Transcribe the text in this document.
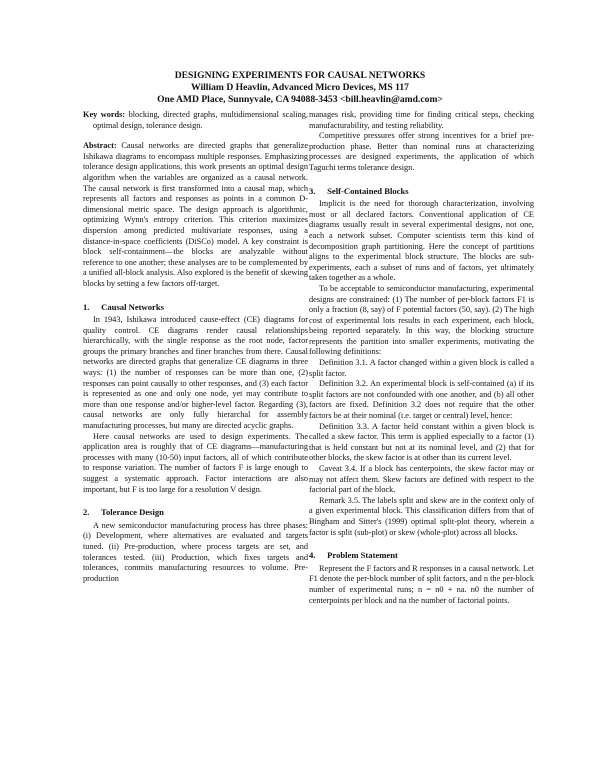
DESIGNING EXPERIMENTS FOR CAUSAL NETWORKS
William D Heavlin, Advanced Micro Devices, MS 117
One AMD Place, Sunnyvale, CA 94088-3453 <bill.heavlin@amd.com>

Key words: blocking, directed graphs, multidimensional scaling, optimal design, tolerance design.

Abstract: Causal networks are directed graphs that generalize Ishikawa diagrams to encompass multiple responses. Emphasizing tolerance design applications, this work presents an optimal design algorithm when the variables are organized as a causal network. The causal network is first transformed into a causal map, which represents all factors and responses as points in a common D-dimensional metric space. The design approach is algorithmic, optimizing Wynn's entropy criterion. This criterion maximizes dispersion among predicted multivariate responses, using a distance-in-space coefficients (DiSCo) model. A key constraint is block self-containment—the blocks are analyzable without reference to one another; these analyses are to be complemented by a unified all-block analysis. Also explored is the benefit of skewing blocks by setting a few factors off-target.

1. Causal Networks

In 1943, Ishikawa introduced cause-effect (CE) diagrams for quality control. CE diagrams render causal relationships hierarchically, with the single response as the root node, factor groups the primary branches and finer branches from there. Causal networks are directed graphs that generalize CE diagrams in three ways: (1) the number of responses can be more than one, (2) responses can point causally to other responses, and (3) each factor is represented as one and only one node, yet may contribute to more than one response and/or higher-level factor. Regarding (3), causal networks are only fully hierarchal for assembly manufacturing processes, but many are directed acyclic graphs.

Here causal networks are used to design experiments. The application area is roughly that of CE diagrams—manufacturing processes with many (10-50) input factors, all of which contribute to response variation. The number of factors F is large enough to suggest a systematic approach. Factor interactions are also important, but F is too large for a resolution V design.

2. Tolerance Design

A new semiconductor manufacturing process has three phases: (i) Development, where alternatives are evaluated and targets tuned. (ii) Pre-production, where process targets are set, and tolerances tested. (iii) Production, which fixes targets and tolerances, commits manufacturing resources to volume. Pre-production

manages risk, providing time for finding critical steps, checking manufacturability, and testing reliability.

Competitive pressures offer strong incentives for a brief pre-production phase. Better than nominal runs at characterizing processes are designed experiments, the application of which Taguchi terms tolerance design.

3. Self-Contained Blocks

Implicit is the need for thorough characterization, involving most or all declared factors. Conventional application of CE diagrams usually result in several experimental designs, not one, each a network subset. Computer scientists term this kind of decomposition graph partitioning. Here the concept of partitions aligns to the experimental block structure. The blocks are sub-experiments, each a subset of runs and of factors, yet ultimately taken together as a whole.

To be acceptable to semiconductor manufacturing, experimental designs are constrained: (1) The number of per-block factors F1 is only a fraction (8, say) of F potential factors (50, say). (2) The high cost of experimental lots results in each experiment, each block, being reported separately. In this way, the blocking structure represents the partition into smaller experiments, motivating the following definitions:

Definition 3.1. A factor changed within a given block is called a split factor.

Definition 3.2. An experimental block is self-contained (a) if its split factors are not confounded with one another, and (b) all other factors are fixed. Definition 3.2 does not require that the other factors be at their nominal (i.e. target or central) level, hence:

Definition 3.3. A factor held constant within a given block is called a skew factor. This term is applied especially to a factor (1) that is held constant but not at its nominal level, and (2) that for other blocks, the skew factor is at other than its current level.

Caveat 3.4. If a block has centerpoints, the skew factor may or may not affect them. Skew factors are defined with respect to the factorial part of the block.

Remark 3.5. The labels split and skew are in the context only of a given experimental block. This classification differs from that of Bingham and Sitter's (1999) optimal split-plot theory, wherein a factor is split (sub-plot) or skew (whole-plot) across all blocks.

4. Problem Statement

Represent the F factors and R responses in a causal network. Let F1 denote the per-block number of split factors, and n the per-block number of experimental runs; n = n0 + na. n0 the number of centerpoints per block and na the number of factorial points.
